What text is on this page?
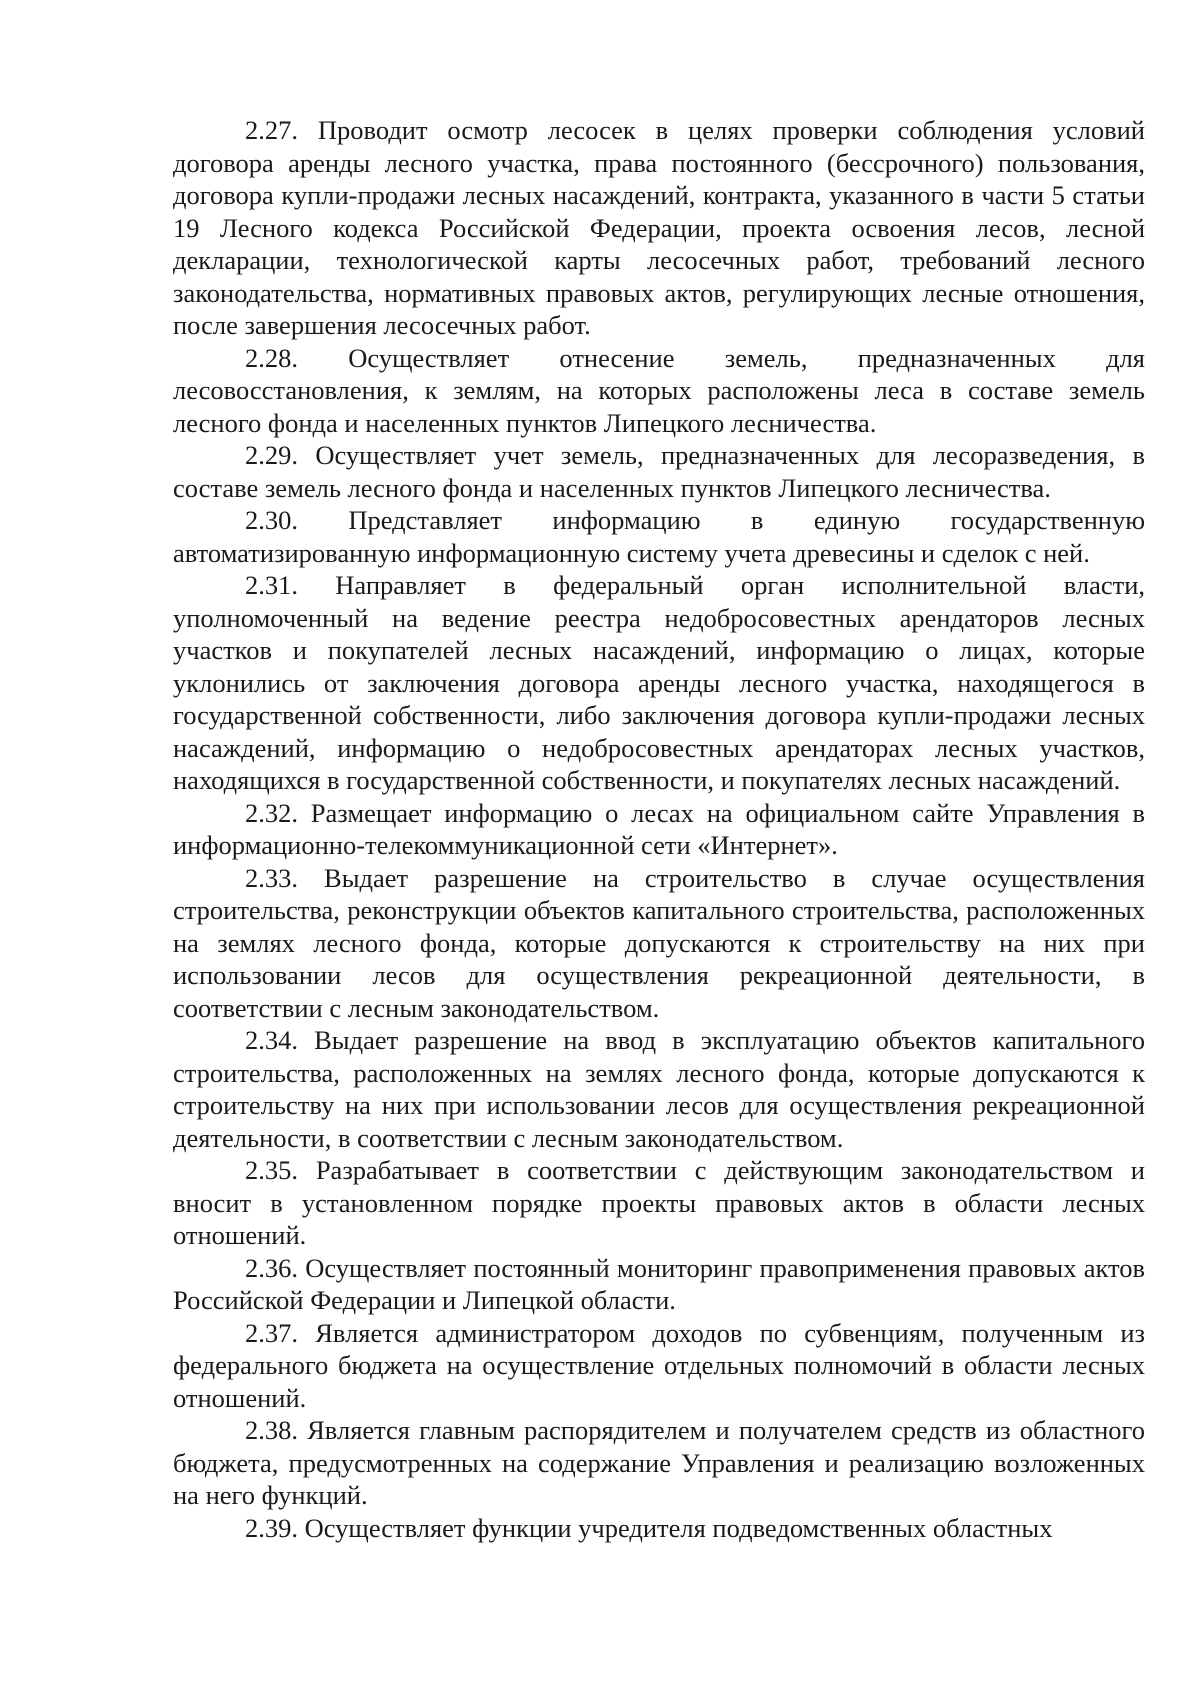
2.27. Проводит осмотр лесосек в целях проверки соблюдения условий договора аренды лесного участка, права постоянного (бессрочного) пользования, договора купли-продажи лесных насаждений, контракта, указанного в части 5 статьи 19 Лесного кодекса Российской Федерации, проекта освоения лесов, лесной декларации, технологической карты лесосечных работ, требований лесного законодательства, нормативных правовых актов, регулирующих лесные отношения, после завершения лесосечных работ.

2.28. Осуществляет отнесение земель, предназначенных для лесовосстановления, к землям, на которых расположены леса в составе земель лесного фонда и населенных пунктов Липецкого лесничества.

2.29. Осуществляет учет земель, предназначенных для лесоразведения, в составе земель лесного фонда и населенных пунктов Липецкого лесничества.

2.30. Представляет информацию в единую государственную автоматизированную информационную систему учета древесины и сделок с ней.

2.31. Направляет в федеральный орган исполнительной власти, уполномоченный на ведение реестра недобросовестных арендаторов лесных участков и покупателей лесных насаждений, информацию о лицах, которые уклонились от заключения договора аренды лесного участка, находящегося в государственной собственности, либо заключения договора купли-продажи лесных насаждений, информацию о недобросовестных арендаторах лесных участков, находящихся в государственной собственности, и покупателях лесных насаждений.

2.32. Размещает информацию о лесах на официальном сайте Управления в информационно-телекоммуникационной сети «Интернет».

2.33. Выдает разрешение на строительство в случае осуществления строительства, реконструкции объектов капитального строительства, расположенных на землях лесного фонда, которые допускаются к строительству на них при использовании лесов для осуществления рекреационной деятельности, в соответствии с лесным законодательством.

2.34. Выдает разрешение на ввод в эксплуатацию объектов капитального строительства, расположенных на землях лесного фонда, которые допускаются к строительству на них при использовании лесов для осуществления рекреационной деятельности, в соответствии с лесным законодательством.

2.35. Разрабатывает в соответствии с действующим законодательством и вносит в установленном порядке проекты правовых актов в области лесных отношений.

2.36. Осуществляет постоянный мониторинг правоприменения правовых актов Российской Федерации и Липецкой области.

2.37. Является администратором доходов по субвенциям, полученным из федерального бюджета на осуществление отдельных полномочий в области лесных отношений.

2.38. Является главным распорядителем и получателем средств из областного бюджета, предусмотренных на содержание Управления и реализацию возложенных на него функций.

2.39. Осуществляет функции учредителя подведомственных областных
